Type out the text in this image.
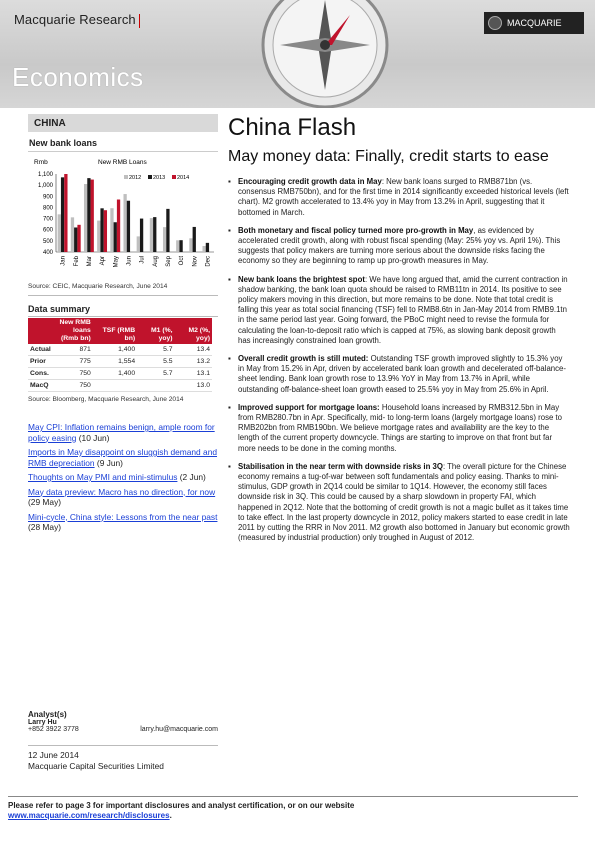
Macquarie Research
Economics
MACQUARIE
CHINA
New bank loans
Rmb	New RMB Loans
2012 2013 2014
1,100
1,000
900
800
700
600
500
400
Jan Feb Mar Apr May Jun Jul Aug Sep Oct Nov Dec
Source: CEIC, Macquarie Research, June 2014
Data summary
	New RMB loans (Rmb bn)	TSF (RMB bn)	M1 (%, yoy)	M2 (%, yoy)
Actual	871	1,400	5.7	13.4
Prior	775	1,554	5.5	13.2
Cons.	750	1,400	5.7	13.1
MacQ	750			13.0
Source: Bloomberg, Macquarie Research, June 2014
May CPI: Inflation remains benign, ample room for policy easing (10 Jun)
Imports in May disappoint on sluggish demand and RMB depreciation (9 Jun)
Thoughts on May PMI and mini-stimulus (2 Jun)
May data preview: Macro has no direction, for now (29 May)
Mini-cycle, China style: Lessons from the near past (28 May)
Analyst(s)
Larry Hu
+852 3922 3778	larry.hu@macquarie.com
12 June 2014
Macquarie Capital Securities Limited
China Flash
May money data: Finally, credit starts to ease
▪ Encouraging credit growth data in May: New bank loans surged to RMB871bn (vs. consensus RMB750bn), and for the first time in 2014 significantly exceeded historical levels (left chart). M2 growth accelerated to 13.4% yoy in May from 13.2% in April, suggesting that it bottomed in March.
▪ Both monetary and fiscal policy turned more pro-growth in May, as evidenced by accelerated credit growth, along with robust fiscal spending (May: 25% yoy vs. April 1%). This suggests that policy makers are turning more serious about the downside risks facing the economy so they are beginning to ramp up pro-growth measures in May.
▪ New bank loans the brightest spot: We have long argued that, amid the current contraction in shadow banking, the bank loan quota should be raised to RMB11tn in 2014. Its positive to see policy makers moving in this direction, but more remains to be done. Note that total credit is falling this year as total social financing (TSF) fell to RMB8.6tn in Jan-May 2014 from RMB9.1tn in the same period last year. Going forward, the PBoC might need to revise the formula for calculating the loan-to-deposit ratio which is capped at 75%, as slowing bank deposit growth has increasingly constrained loan growth.
▪ Overall credit growth is still muted: Outstanding TSF growth improved slightly to 15.3% yoy in May from 15.2% in Apr, driven by accelerated bank loan growth and decelerated off-balance-sheet lending. Bank loan growth rose to 13.9% YoY in May from 13.7% in April, while outstanding off-balance-sheet loan growth eased to 25.5% yoy in May from 25.6% in April.
▪ Improved support for mortgage loans: Household loans increased by RMB312.5bn in May from RMB280.7bn in Apr. Specifically, mid- to long-term loans (largely mortgage loans) rose to RMB202bn from RMB190bn. We believe mortgage rates and availability are the key to the length of the current property downcycle. Things are starting to improve on that front but far more needs to be done in the coming months.
▪ Stabilisation in the near term with downside risks in 3Q: The overall picture for the Chinese economy remains a tug-of-war between soft fundamentals and policy easing. Thanks to mini-stimulus, GDP growth in 2Q14 could be similar to 1Q14. However, the economy still faces downside risk in 3Q. This could be caused by a sharp slowdown in property FAI, which happened in 2Q12. Note that the bottoming of credit growth is not a magic bullet as it takes time to take effect. In the last property downcycle in 2012, policy makers started to ease credit in late 2011 by cutting the RRR in Nov 2011. M2 growth also bottomed in January but economic growth (measured by industrial production) only troughed in August of 2012.
Please refer to page 3 for important disclosures and analyst certification, or on our website
www.macquarie.com/research/disclosures.
